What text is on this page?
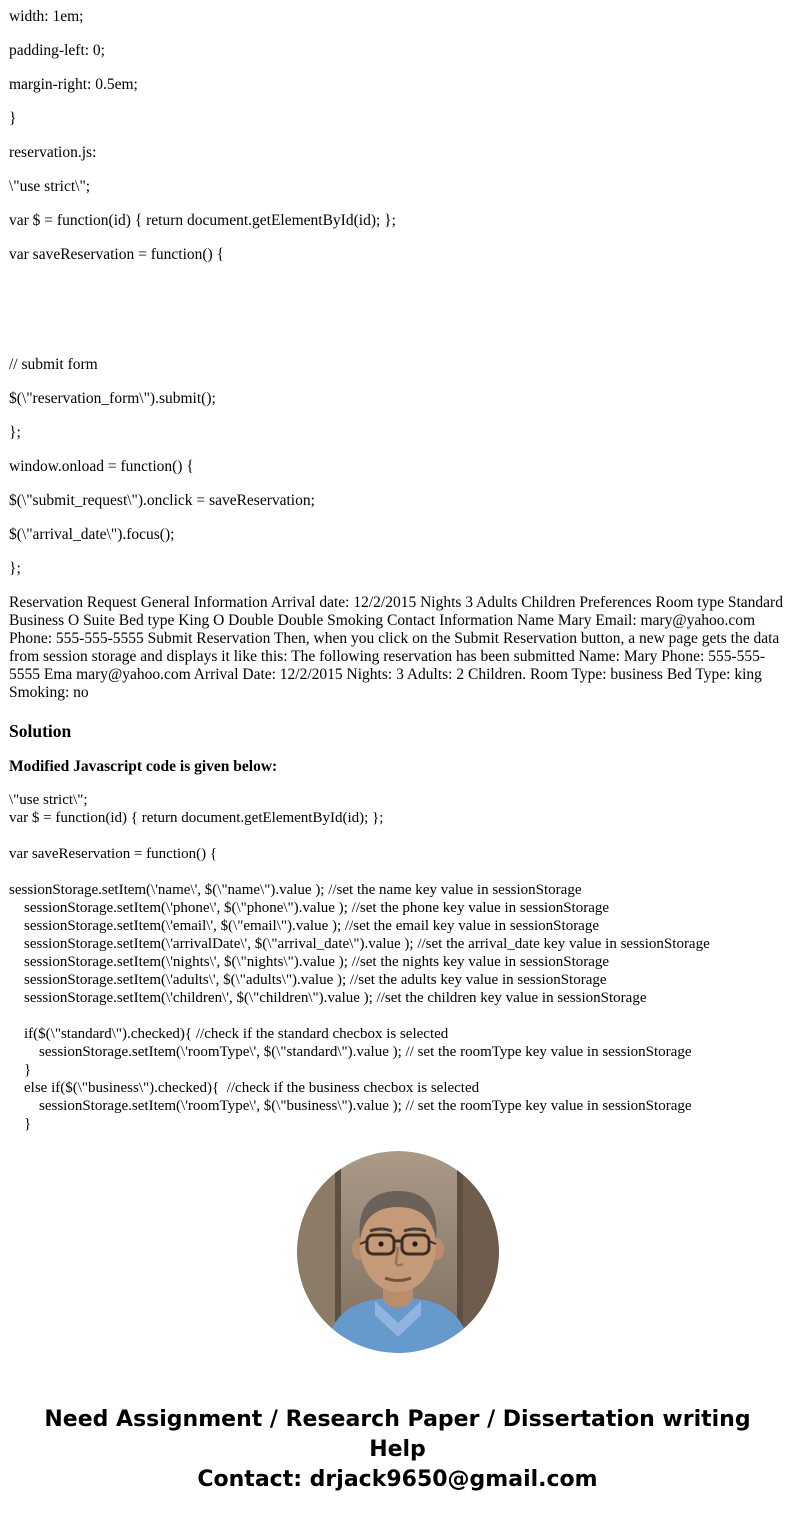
width: 1em;
padding-left: 0;
margin-right: 0.5em;
}
reservation.js:
\"use strict\";
var $ = function(id) { return document.getElementById(id); };
var saveReservation = function() {
// submit form
$(\"reservation_form\").submit();
};
window.onload = function() {
$(\"submit_request\").onclick = saveReservation;
$(\"arrival_date\").focus();
};

Reservation Request General Information Arrival date: 12/2/2015 Nights 3 Adults Children Preferences Room type Standard Business O Suite Bed type King O Double Double Smoking Contact Information Name Mary Email: mary@yahoo.com Phone: 555-555-5555 Submit Reservation Then, when you click on the Submit Reservation button, a new page gets the data from session storage and displays it like this: The following reservation has been submitted Name: Mary Phone: 555-555-5555 Ema mary@yahoo.com Arrival Date: 12/2/2015 Nights: 3 Adults: 2 Children. Room Type: business Bed Type: king Smoking: no

Solution

Modified Javascript code is given below:

\"use strict\";
var $ = function(id) { return document.getElementById(id); };
var saveReservation = function() {
sessionStorage.setItem(\'name\', $(\"name\").value ); //set the name key value in sessionStorage
sessionStorage.setItem(\'phone\', $(\"phone\").value ); //set the phone key value in sessionStorage
sessionStorage.setItem(\'email\', $(\"email\").value ); //set the email key value in sessionStorage
sessionStorage.setItem(\'arrivalDate\', $(\"arrival_date\").value ); //set the arrival_date key value in sessionStorage
sessionStorage.setItem(\'nights\', $(\"nights\").value ); //set the nights key value in sessionStorage
sessionStorage.setItem(\'adults\', $(\"adults\").value ); //set the adults key value in sessionStorage
sessionStorage.setItem(\'children\', $(\"children\").value ); //set the children key value in sessionStorage
if($(\"standard\").checked){ //check if the standard checbox is selected
sessionStorage.setItem(\'roomType\', $(\"standard\").value ); // set the roomType key value in sessionStorage
}
else if($(\"business\").checked){  //check if the business checbox is selected
sessionStorage.setItem(\'roomType\', $(\"business\").value ); // set the roomType key value in sessionStorage
}
Need Assignment / Research Paper / Dissertation writing Help
Contact: drjack9650@gmail.com
